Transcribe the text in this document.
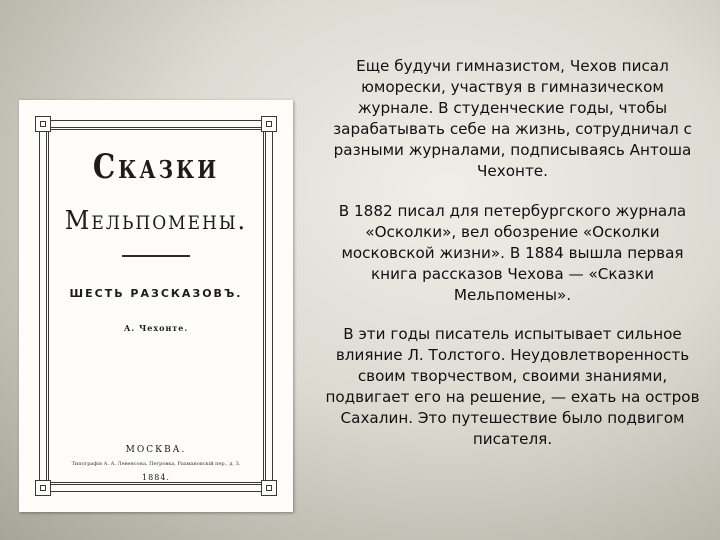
Сказки
Мельпомены.
ШЕСТЬ РАЗСКАЗОВЪ.
А. Чехонте.
МОСКВА.
Типографія А. А. Левенсона. Петровка, Рахмановскій пер., д. 3.
1884.

Еще будучи гимназистом, Чехов писал
юморески, участвуя в гимназическом
журнале. В студенческие годы, чтобы
зарабатывать себе на жизнь, сотрудничал с
разными журналами, подписываясь Антоша
Чехонте.

В 1882 писал для петербургского журнала
«Осколки», вел обозрение «Осколки
московской жизни». В 1884 вышла первая
книга рассказов Чехова — «Сказки
Мельпомены».

В эти годы писатель испытывает сильное
влияние Л. Толстого. Неудовлетворенность
своим творчеством, своими знаниями,
подвигает его на решение, — ехать на остров
Сахалин. Это путешествие было подвигом
писателя.
